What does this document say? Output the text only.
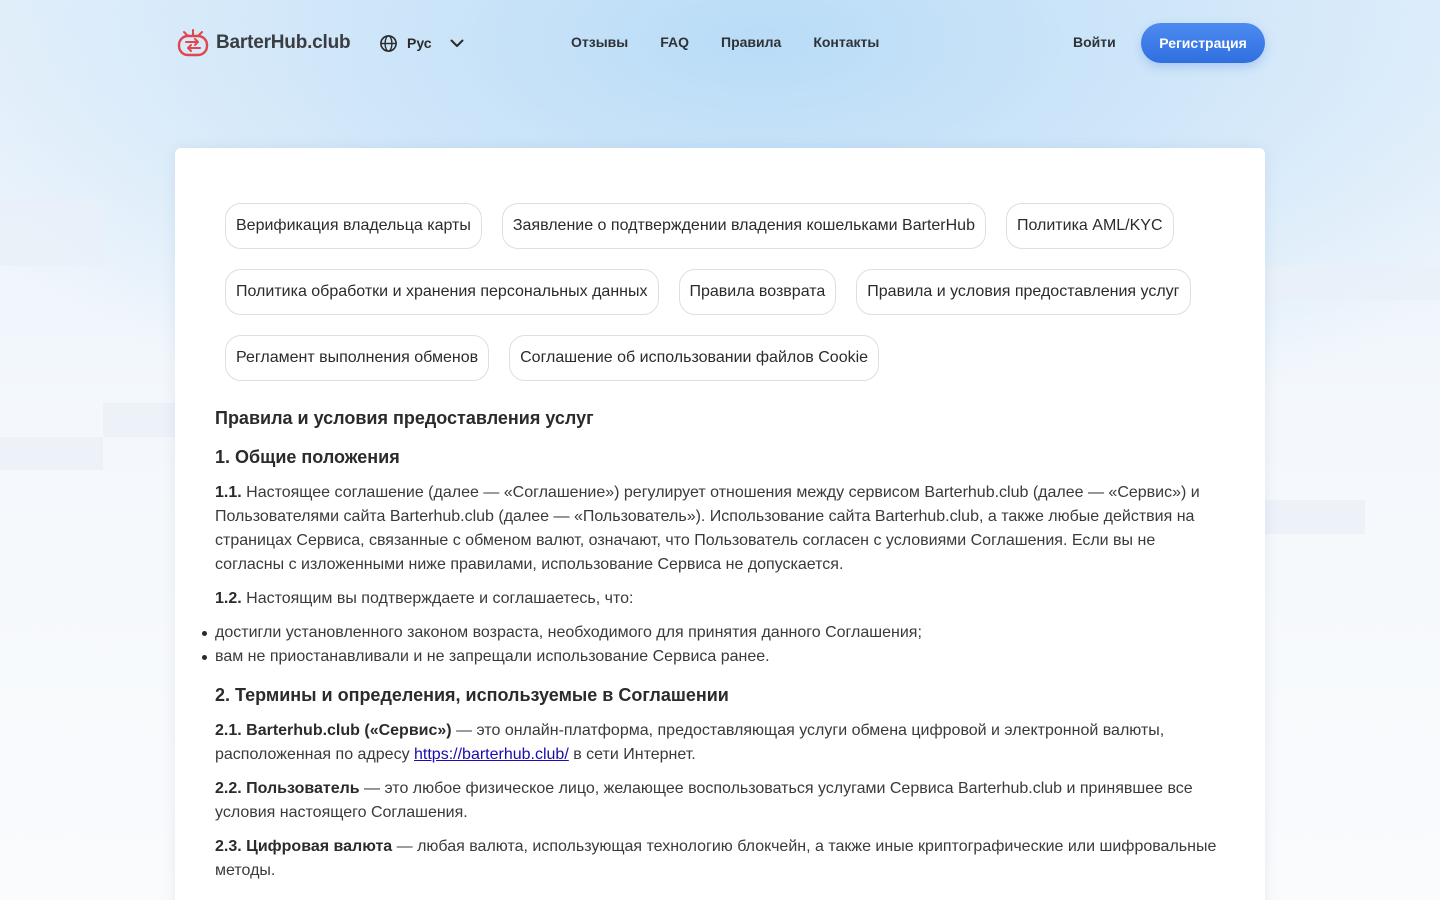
BarterHub.club	Рус	Отзывы FAQ Правила Контакты	Войти	Регистрация
Верификация владельца карты	Заявление о подтверждении владения кошельками BarterHub	Политика AML/KYC
Политика обработки и хранения персональных данных	Правила возврата	Правила и условия предоставления услуг
Регламент выполнения обменов	Соглашение об использовании файлов Cookie
Правила и условия предоставления услуг
1. Общие положения

1.1. Настоящее соглашение (далее — «Соглашение») регулирует отношения между сервисом Barterhub.club (далее — «Сервис») и Пользователями сайта Barterhub.club (далее — «Пользователь»). Использование сайта Barterhub.club, а также любые действия на страницах Сервиса, связанные с обменом валют, означают, что Пользователь согласен с условиями Соглашения. Если вы не согласны с изложенными ниже правилами, использование Сервиса не допускается.

1.2. Настоящим вы подтверждаете и соглашаетесь, что:

достигли установленного законом возраста, необходимого для принятия данного Соглашения;
вам не приостанавливали и не запрещали использование Сервиса ранее.
2. Термины и определения, используемые в Соглашении

2.1. Barterhub.club («Сервис») — это онлайн-платформа, предоставляющая услуги обмена цифровой и электронной валюты, расположенная по адресу https://barterhub.club/ в сети Интернет.

2.2. Пользователь — это любое физическое лицо, желающее воспользоваться услугами Сервиса Barterhub.club и принявшее все условия настоящего Соглашения.

2.3. Цифровая валюта — любая валюта, использующая технологию блокчейн, а также иные криптографические или шифровальные методы.
